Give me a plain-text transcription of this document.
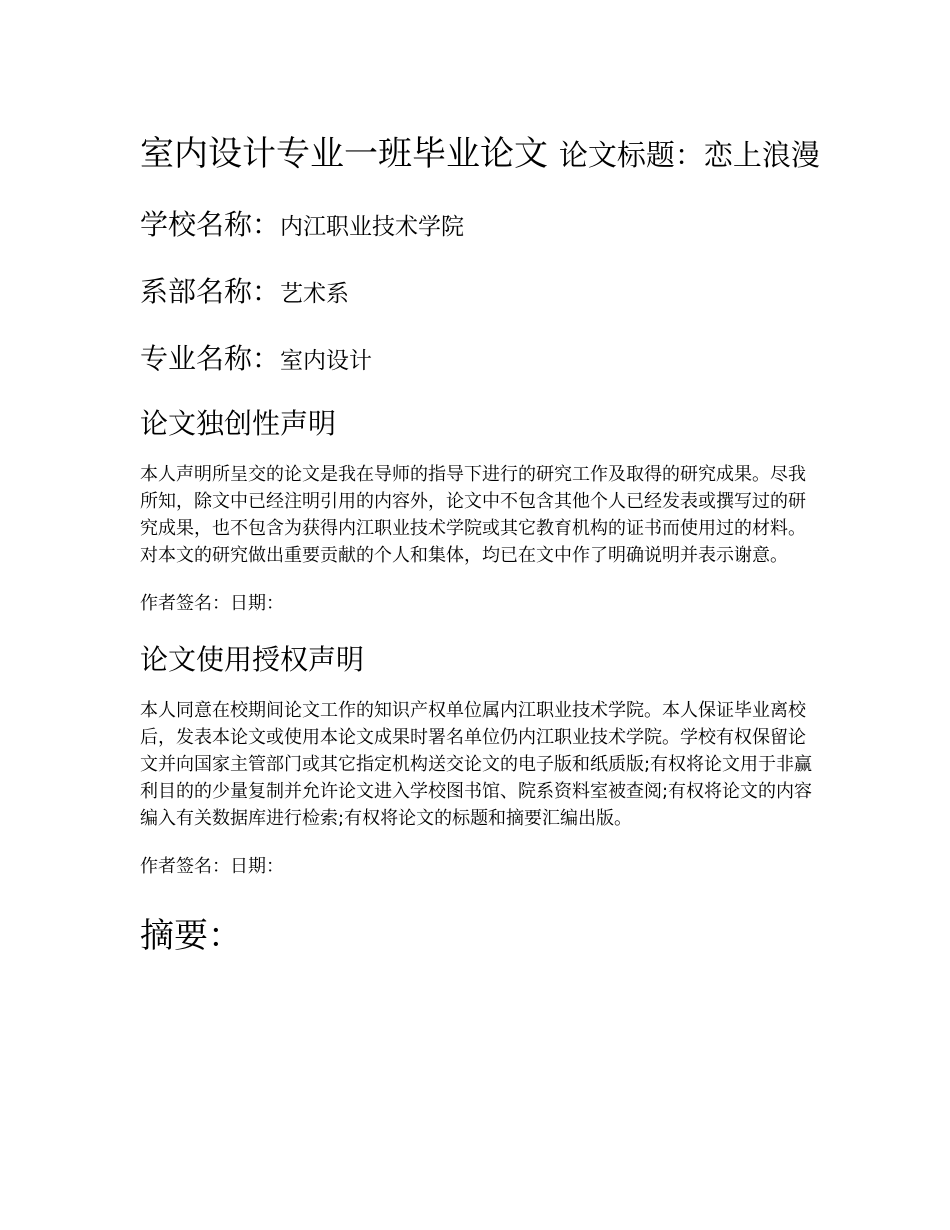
室内设计专业一班毕业论文 论文标题：恋上浪漫
学校名称：内江职业技术学院
系部名称：艺术系
专业名称：室内设计
论文独创性声明

本人声明所呈交的论文是我在导师的指导下进行的研究工作及取得的研究成果。尽我所知，除文中已经注明引用的内容外，论文中不包含其他个人已经发表或撰写过的研究成果，也不包含为获得内江职业技术学院或其它教育机构的证书而使用过的材料。对本文的研究做出重要贡献的个人和集体，均已在文中作了明确说明并表示谢意。

作者签名：日期：

论文使用授权声明

本人同意在校期间论文工作的知识产权单位属内江职业技术学院。本人保证毕业离校后，发表本论文或使用本论文成果时署名单位仍内江职业技术学院。学校有权保留论文并向国家主管部门或其它指定机构送交论文的电子版和纸质版;有权将论文用于非赢利目的的少量复制并允许论文进入学校图书馆、院系资料室被查阅;有权将论文的内容编入有关数据库进行检索;有权将论文的标题和摘要汇编出版。

作者签名：日期：

摘要：
